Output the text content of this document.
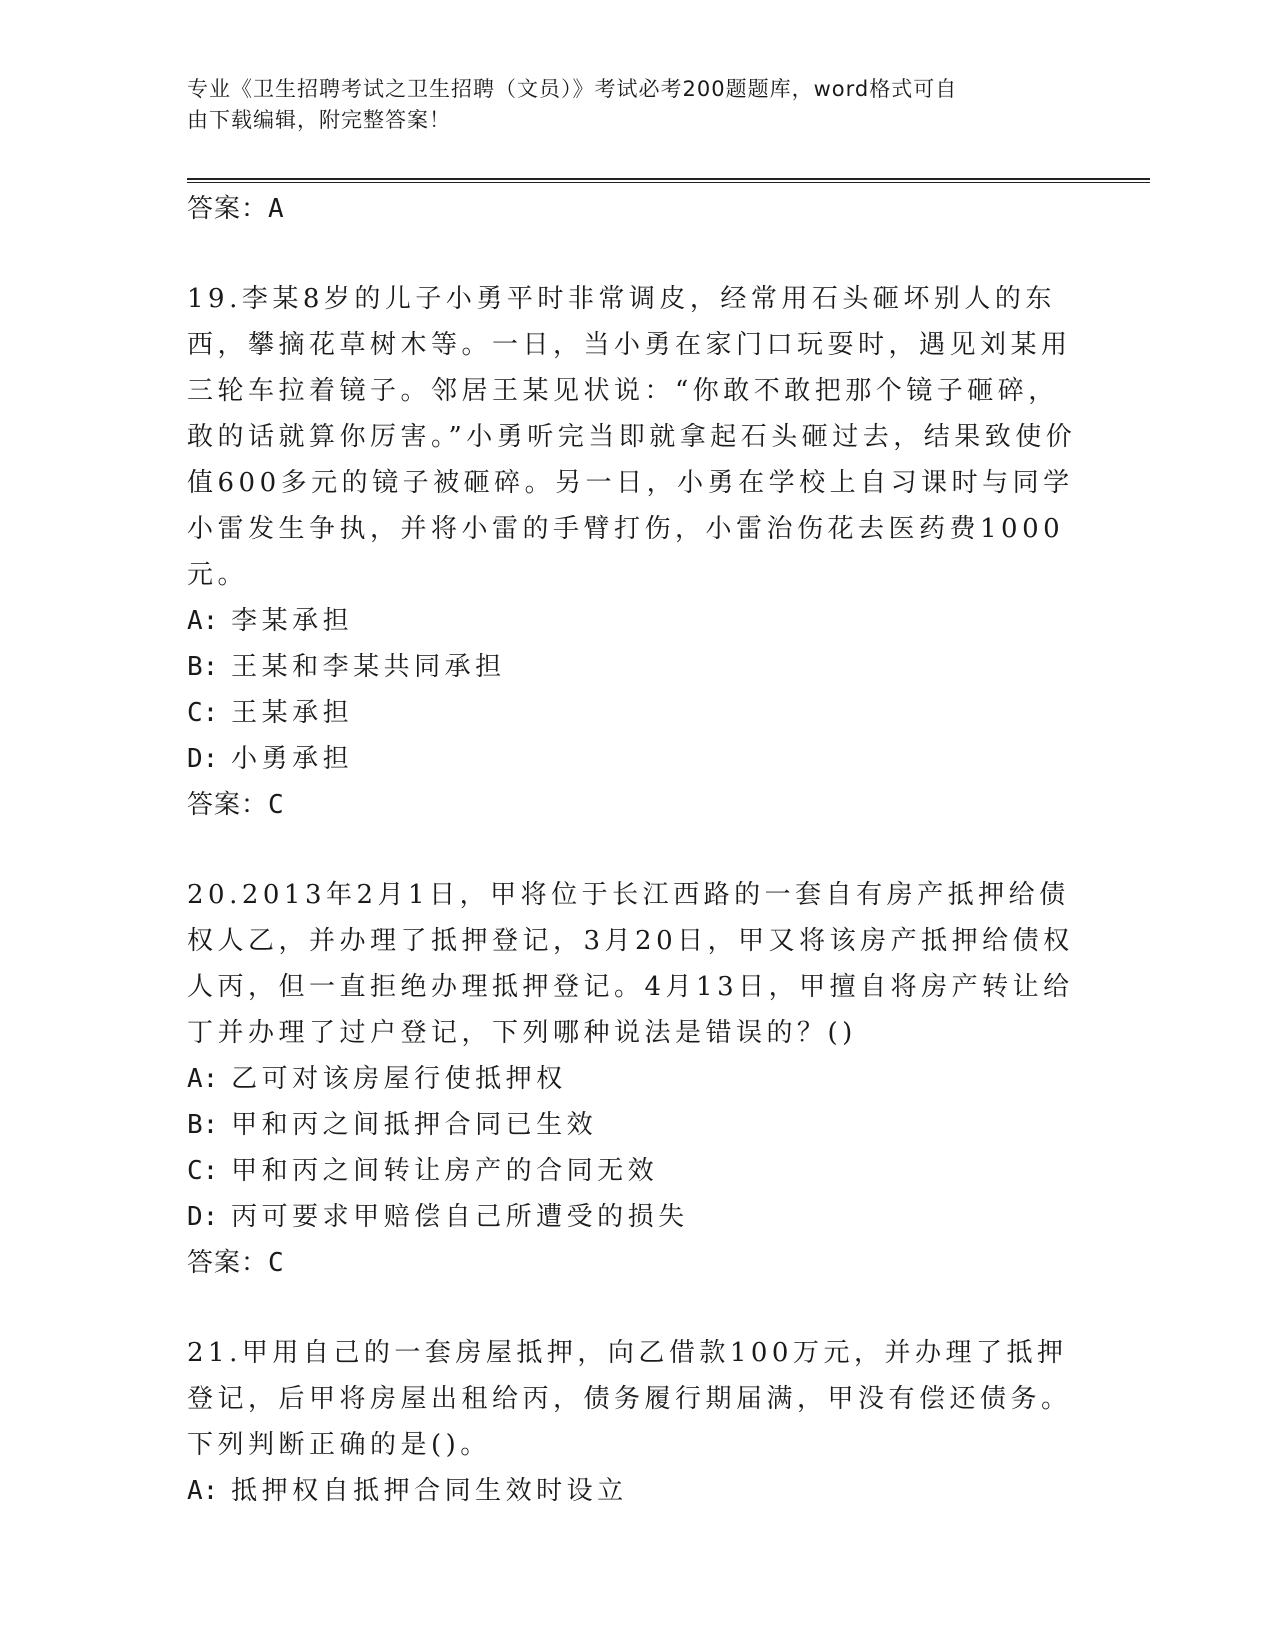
专业《卫生招聘考试之卫生招聘（文员）》考试必考200题题库，word格式可自
由下载编辑，附完整答案！

答案：A

19.李某8岁的儿子小勇平时非常调皮，经常用石头砸坏别人的东西，攀摘花草树木等。一日，当小勇在家门口玩耍时，遇见刘某用三轮车拉着镜子。邻居王某见状说：“你敢不敢把那个镜子砸碎，敢的话就算你厉害。”小勇听完当即就拿起石头砸过去，结果致使价值600多元的镜子被砸碎。另一日，小勇在学校上自习课时与同学小雷发生争执，并将小雷的手臂打伤，小雷治伤花去医药费1000元。

A: 李某承担

B: 王某和李某共同承担

C: 王某承担

D: 小勇承担

答案：C

20.2013年2月1日，甲将位于长江西路的一套自有房产抵押给债权人乙，并办理了抵押登记，3月20日，甲又将该房产抵押给债权人丙，但一直拒绝办理抵押登记。4月13日，甲擅自将房产转让给丁并办理了过户登记，下列哪种说法是错误的？()

A: 乙可对该房屋行使抵押权

B: 甲和丙之间抵押合同已生效

C: 甲和丙之间转让房产的合同无效

D: 丙可要求甲赔偿自己所遭受的损失

答案：C

21.甲用自己的一套房屋抵押，向乙借款100万元，并办理了抵押登记，后甲将房屋出租给丙，债务履行期届满，甲没有偿还债务。下列判断正确的是()。

A: 抵押权自抵押合同生效时设立
